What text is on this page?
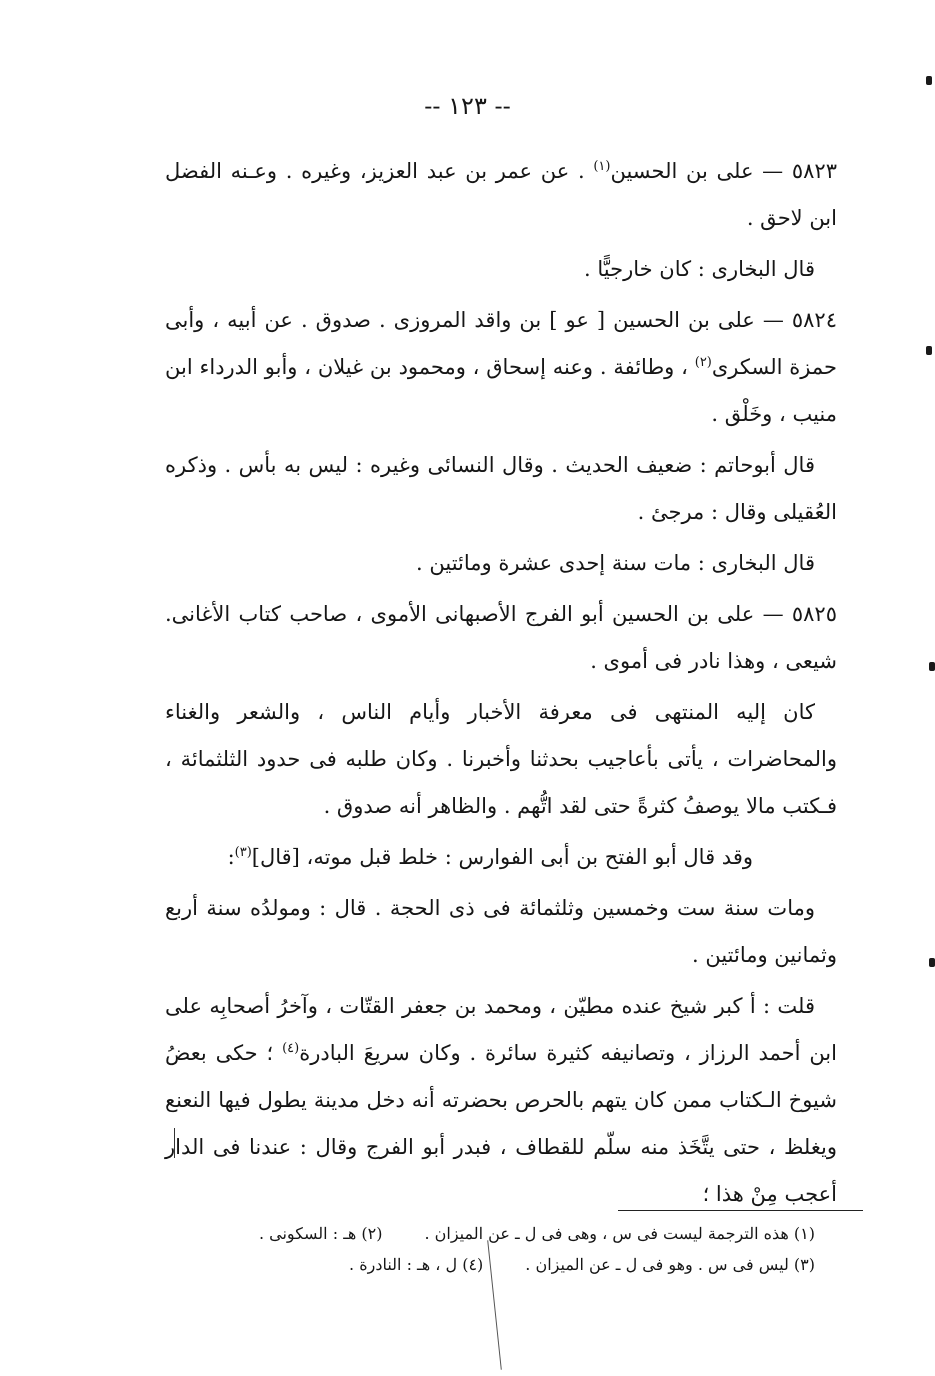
-- ١٢٣ --

٥٨٢٣ — على بن الحسين$^{(١)}$ . عن عمر بن عبد العزيز، وغيره . وعـنه الفضل ابن لاحق .

قال البخارى : كان خارجيًّا .

٥٨٢٤ — على بن الحسين [ عو ] بن واقد المروزى . صدوق . عن أبيه ، وأبى حمزة السكرى$^{(٢)}$ ، وطائفة . وعنه إسحاق ، ومحمود بن غيلان ، وأبو الدرداء ابن منيب ، وخَلْق .

قال أبوحاتم : ضعيف الحديث . وقال النسائى وغيره : ليس به بأس . وذكره العُقيلى وقال : مرجئ .

قال البخارى : مات سنة إحدى عشرة ومائتين .

٥٨٢٥ — على بن الحسين أبو الفرج الأصبهانى الأموى ، صاحب كتاب الأغانى. شيعى ، وهذا نادر فى أموى .

كان إليه المنتهى فى معرفة الأخبار وأيام الناس ، والشعر والغناء والمحاضرات ، يأتى بأعاجيب بحدثنا وأخبرنا . وكان طلبه فى حدود الثلثمائة ، فـكتب مالا يوصفُ كثرةً حتى لقد اتُّهم . والظاهر أنه صدوق .

وقد قال أبو الفتح بن أبى الفوارس : خلط قبل موته، [قال]$^{(٣)}$:

ومات سنة ست وخمسين وثلثمائة فى ذى الحجة . قال : ومولدُه سنة أربع وثمانين ومائتين .

قلت : أ كبر شيخ عنده مطيّن ، ومحمد بن جعفر القتّات ، وآخرُ أصحابِه على ابن أحمد الرزاز ، وتصانيفه كثيرة سائرة . وكان سريعَ البادرة$^{(٤)}$ ؛ حكى بعضُ شيوخ الـكتاب ممن كان يتهم بالحرص بحضرته أنه دخل مدينة يطول فيها النعنع ويغلظ ، حتى يتَّخَذ منه سلّم للقطاف ، فبدر أبو الفرج وقال : عندنا فى الدار أعجب مِنْ هذا ؛

(١) هذه الترجمة ليست فى س ، وهى فى ل ـ عن الميزان .
(٢) هـ : السكونى .
(٣) ليس فى س . وهو فى ل ـ عن الميزان .
(٤) ل ، هـ : النادرة .
